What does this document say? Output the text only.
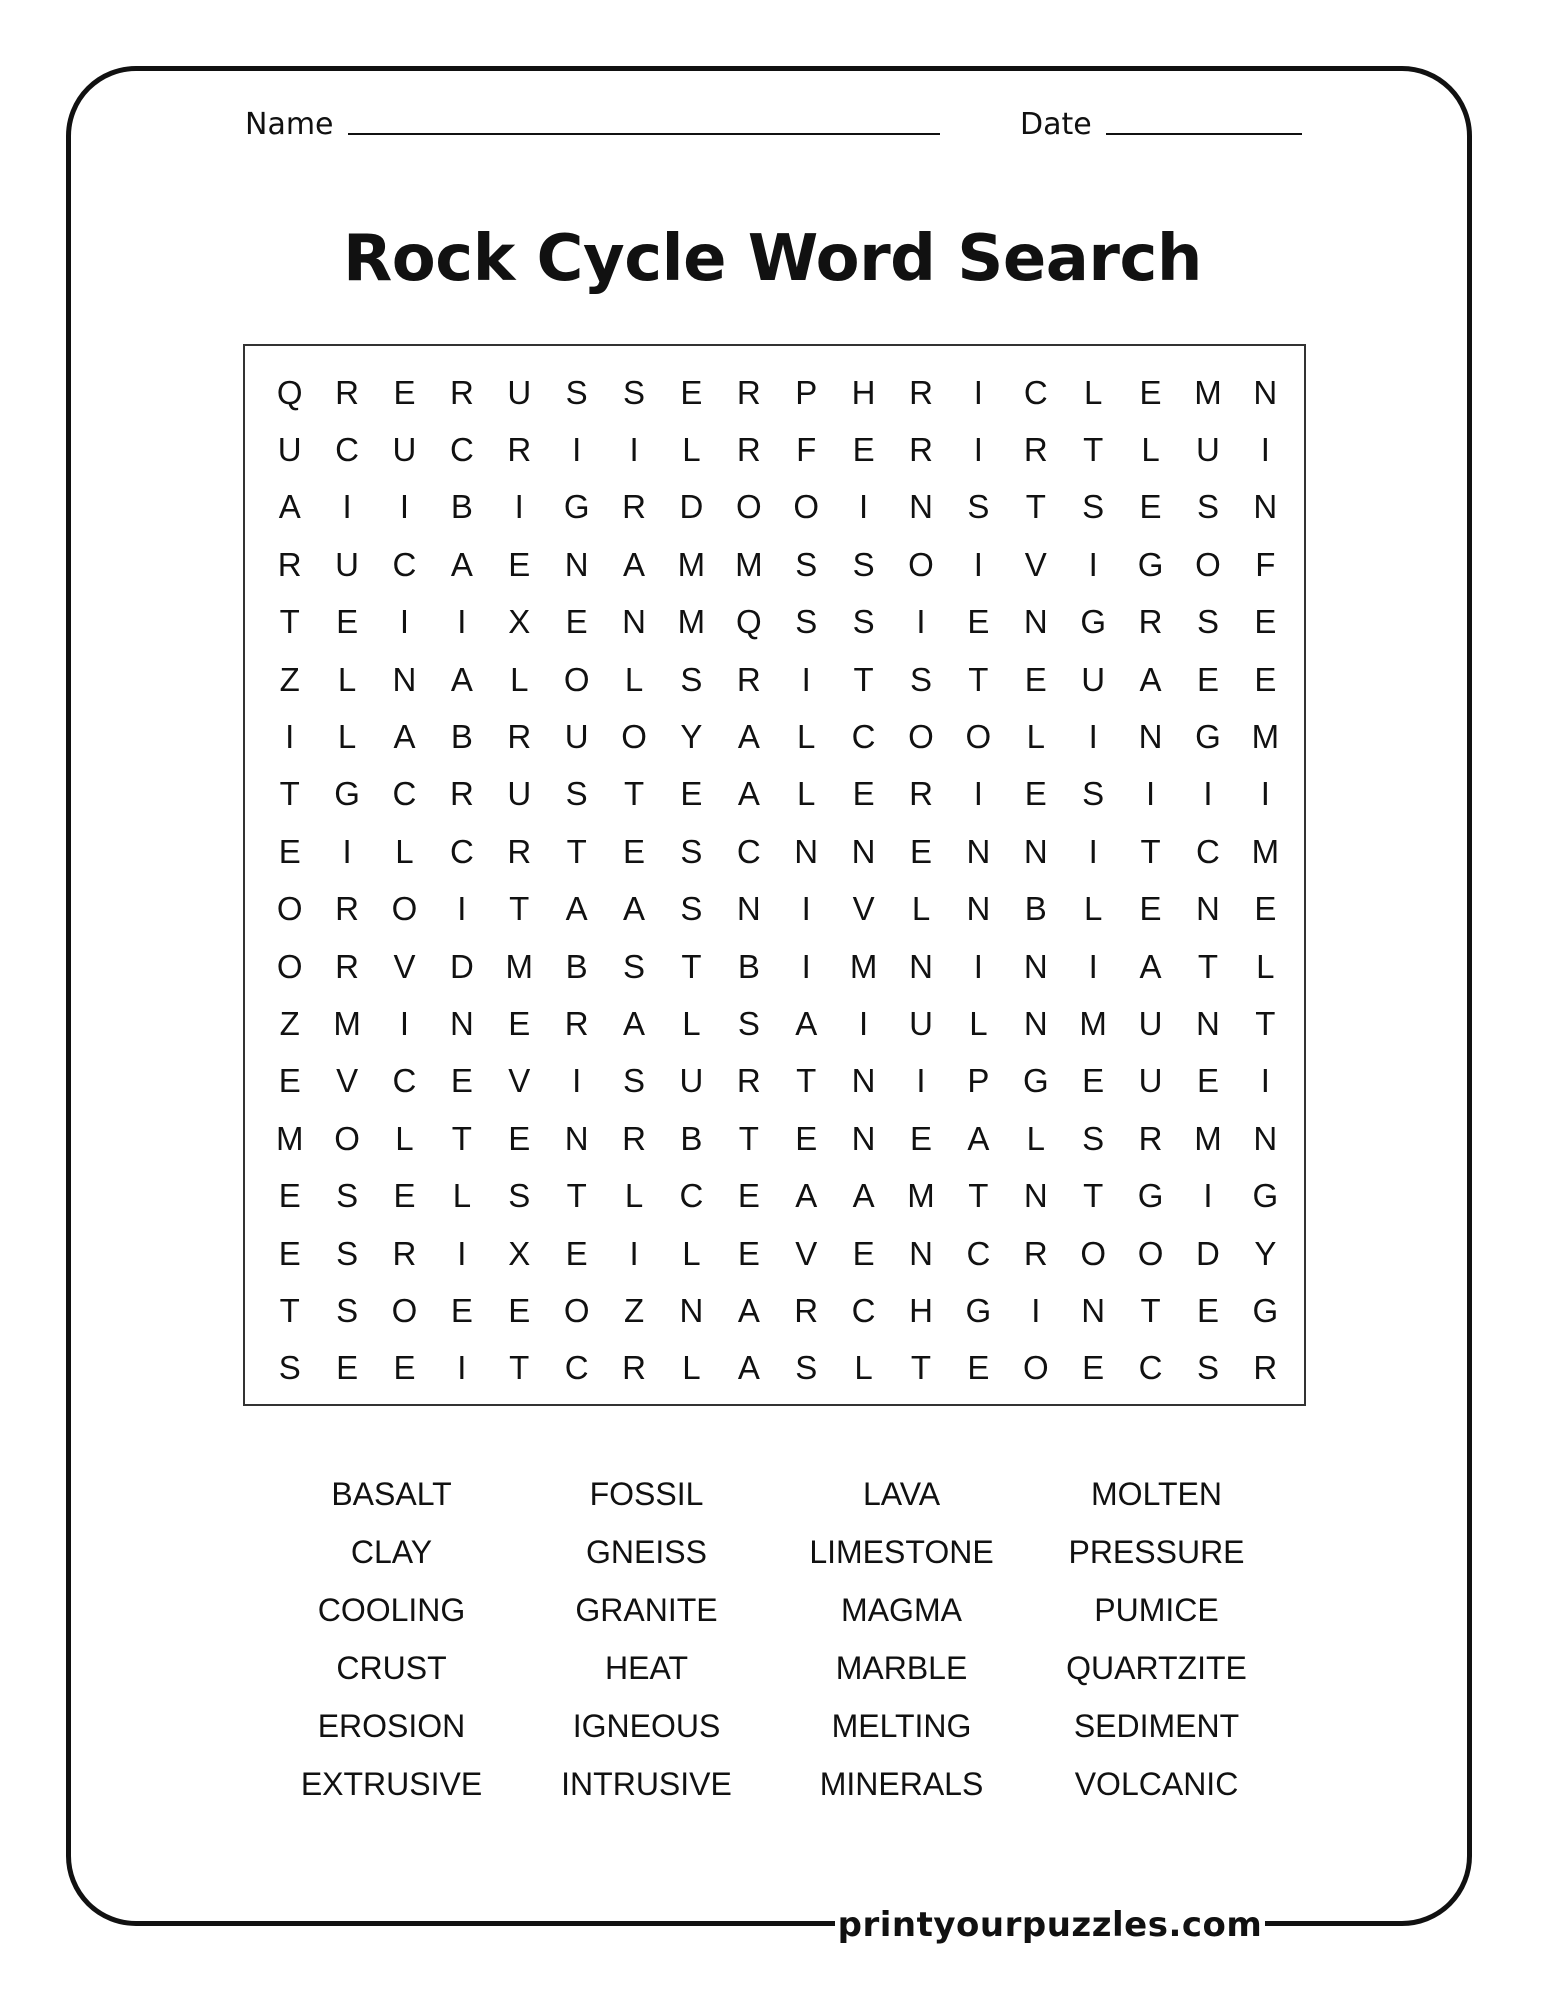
Name	Date
Rock Cycle Word Search
Q R	E	R	U	S	S	E	R	P	H	R	I	C	L	E M N
U	C	U	C	R	I	I	L	R	F	E	R	I	R	T	L	U	I
A	I	I	B	I	G R	D O O	I	N	S	T	S	E	S	N
R	U	C	A	E	N	A M M S	S	O	I	V	I	G O	F
T	E	I	I	X	E	N M Q	S	S	I	E	N G R	S	E
Z	L	N	A	L	O	L	S	R	I	T	S	T	E	U	A	E	E
I	L	A	B	R	U O	Y	A	L	C O O	L	I	N G M
T	G C	R	U	S	T	E	A	L	E	R	I	E	S	I	I	I
E	I	L	C	R	T	E	S	C	N	N	E	N	N	I	T	C M
O R O	I	T	A	A	S	N	I	V	L	N	B	L	E	N	E
O R	V	D M B	S	T	B	I	M N	I	N	I	A	T	L
Z	M	I	N	E	R	A	L	S	A	I	U	L	N M U	N	T
E	V	C	E	V	I	S	U	R	T	N	I	P	G	E	U	E	I
M O	L	T	E	N	R	B	T	E	N	E	A	L	S	R M N
E	S	E	L	S	T	L	C	E	A	A M	T	N	T	G	I	G
E	S	R	I	X	E	I	L	E	V	E	N	C	R O O D	Y
T	S	O	E	E	O	Z	N	A	R	C	H G	I	N	T	E	G
S	E	E	I	T	C	R	L	A	S	L	T	E	O	E	C	S	R
BASALT	FOSSIL	LAVA	MOLTEN
CLAY	GNEISS	LIMESTONE	PRESSURE
COOLING	GRANITE	MAGMA	PUMICE
CRUST	HEAT	MARBLE	QUARTZITE
EROSION	IGNEOUS	MELTING	SEDIMENT
EXTRUSIVE	INTRUSIVE	MINERALS	VOLCANIC
printyourpuzzles.com
